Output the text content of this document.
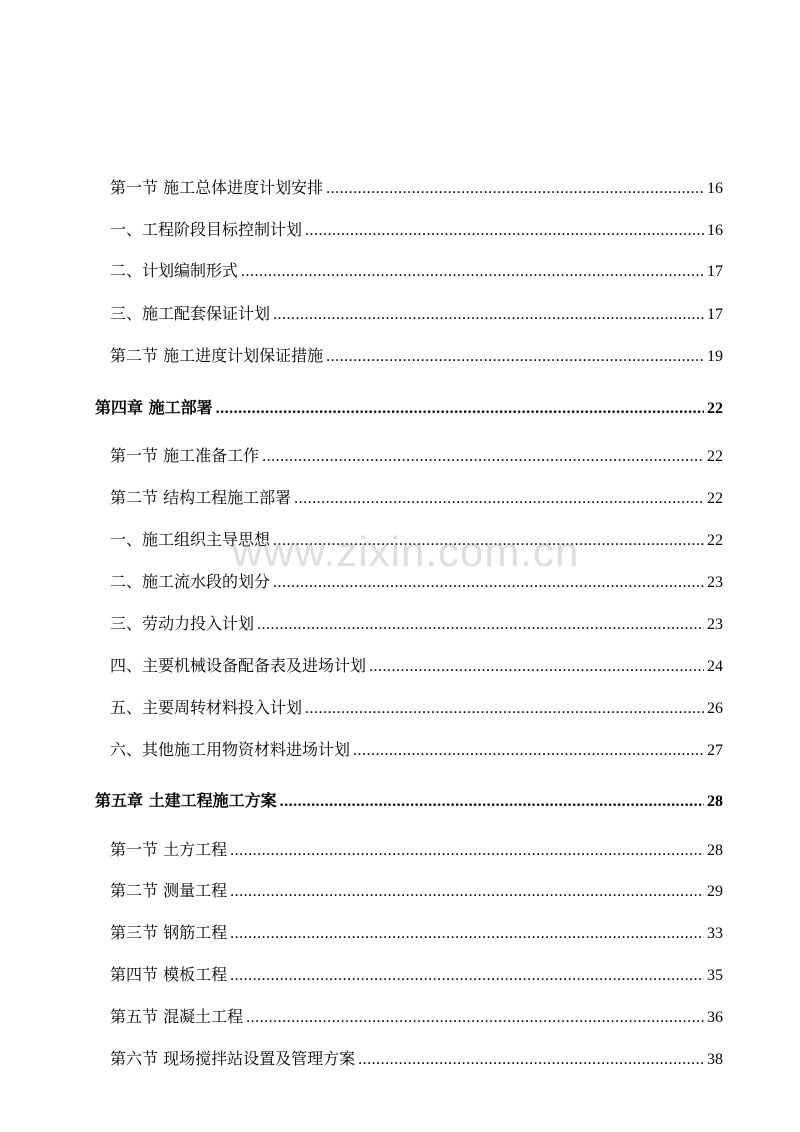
第一节 施工总体进度计划安排 .....	16
一、工程阶段目标控制计划 .....	16
二、计划编制形式 .....	17
三、施工配套保证计划 .....	17
第二节 施工进度计划保证措施 .....	19
第四章 施工部署 .....	22
第一节 施工准备工作 .....	22
第二节 结构工程施工部署 .....	22
一、施工组织主导思想 .....	22
二、施工流水段的划分 .....	23
三、劳动力投入计划 .....	23
四、主要机械设备配备表及进场计划 .....	24
五、主要周转材料投入计划 .....	26
六、其他施工用物资材料进场计划 .....	27
第五章 土建工程施工方案 .....	28
第一节 土方工程 .....	28
第二节 测量工程 .....	29
第三节 钢筋工程 .....	33
第四节 模板工程 .....	35
第五节 混凝土工程 .....	36
第六节 现场搅拌站设置及管理方案 .....	38
www.zixin.com.cn
